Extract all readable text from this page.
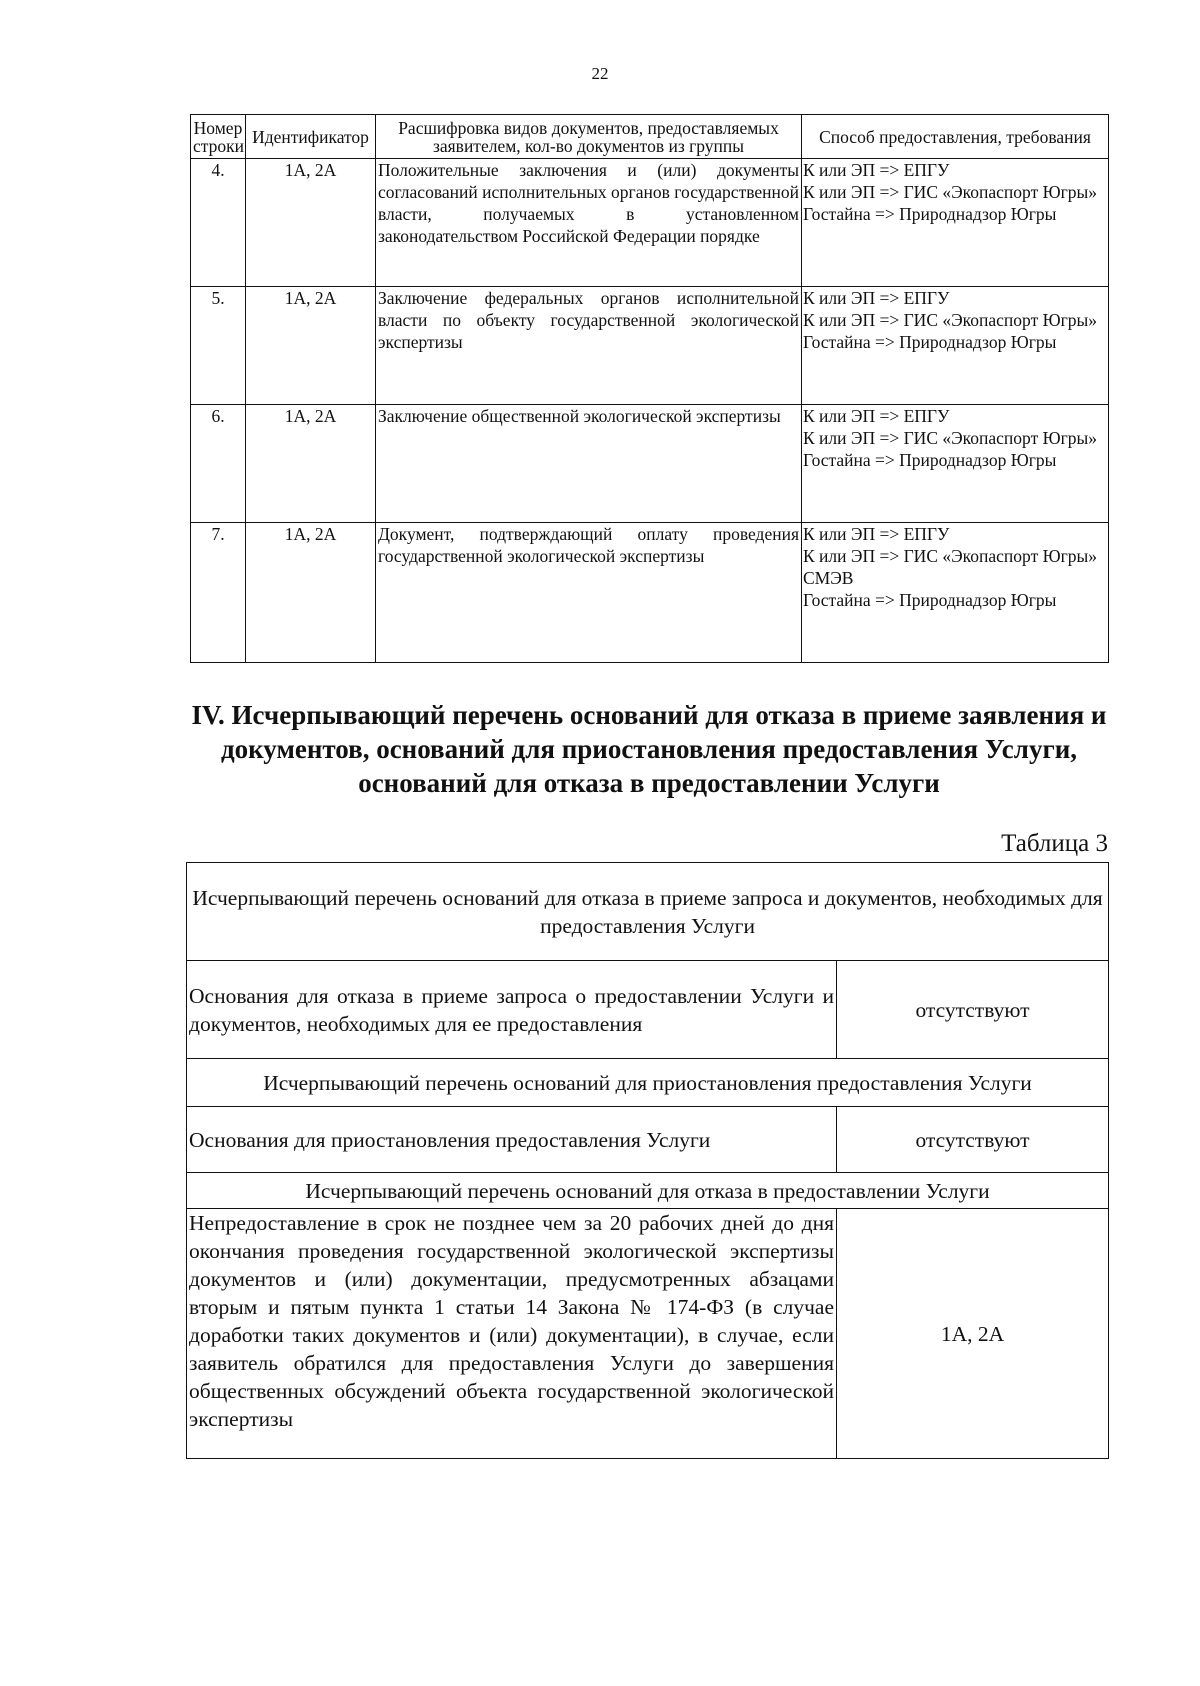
22
Номер строки	Идентификатор	Расшифровка видов документов, предоставляемых заявителем, кол-во документов из группы	Способ предоставления, требования
4.	1А, 2А	Положительные заключения и (или) документы согласований исполнительных органов государственной власти, получаемых в установленном законодательством Российской Федерации порядке	К или ЭП => ЕПГУ
К или ЭП => ГИС «Экопаспорт Югры»
Гостайна => Природнадзор Югры

5.	1А, 2А	Заключение федеральных органов исполнительной власти по объекту государственной экологической экспертизы	К или ЭП => ЕПГУ
К или ЭП => ГИС «Экопаспорт Югры»
Гостайна => Природнадзор Югры

6.	1А, 2А	Заключение общественной экологической экспертизы	К или ЭП => ЕПГУ
К или ЭП => ГИС «Экопаспорт Югры»
Гостайна => Природнадзор Югры

7.	1А, 2А	Документ, подтверждающий оплату проведения государственной экологической экспертизы	К или ЭП => ЕПГУ
К или ЭП => ГИС «Экопаспорт Югры» СМЭВ
Гостайна => Природнадзор Югры
IV. Исчерпывающий перечень оснований для отказа в приеме заявления и документов, оснований для приостановления предоставления Услуги, оснований для отказа в предоставлении Услуги
Таблица 3
Исчерпывающий перечень оснований для отказа в приеме запроса и документов, необходимых для предоставления Услуги	
Основания для отказа в приеме запроса о предоставлении Услуги и документов, необходимых для ее предоставления	отсутствуют
Исчерпывающий перечень оснований для приостановления предоставления Услуги	
Основания для приостановления предоставления Услуги	отсутствуют
Исчерпывающий перечень оснований для отказа в предоставлении Услуги	
Непредоставление в срок не позднее чем за 20 рабочих дней до дня окончания проведения государственной экологической экспертизы документов и (или) документации, предусмотренных абзацами вторым и пятым пункта 1 статьи 14 Закона № 174-ФЗ (в случае доработки таких документов и (или) документации), в случае, если заявитель обратился для предоставления Услуги до завершения общественных обсуждений объекта государственной экологической экспертизы	1А, 2А
